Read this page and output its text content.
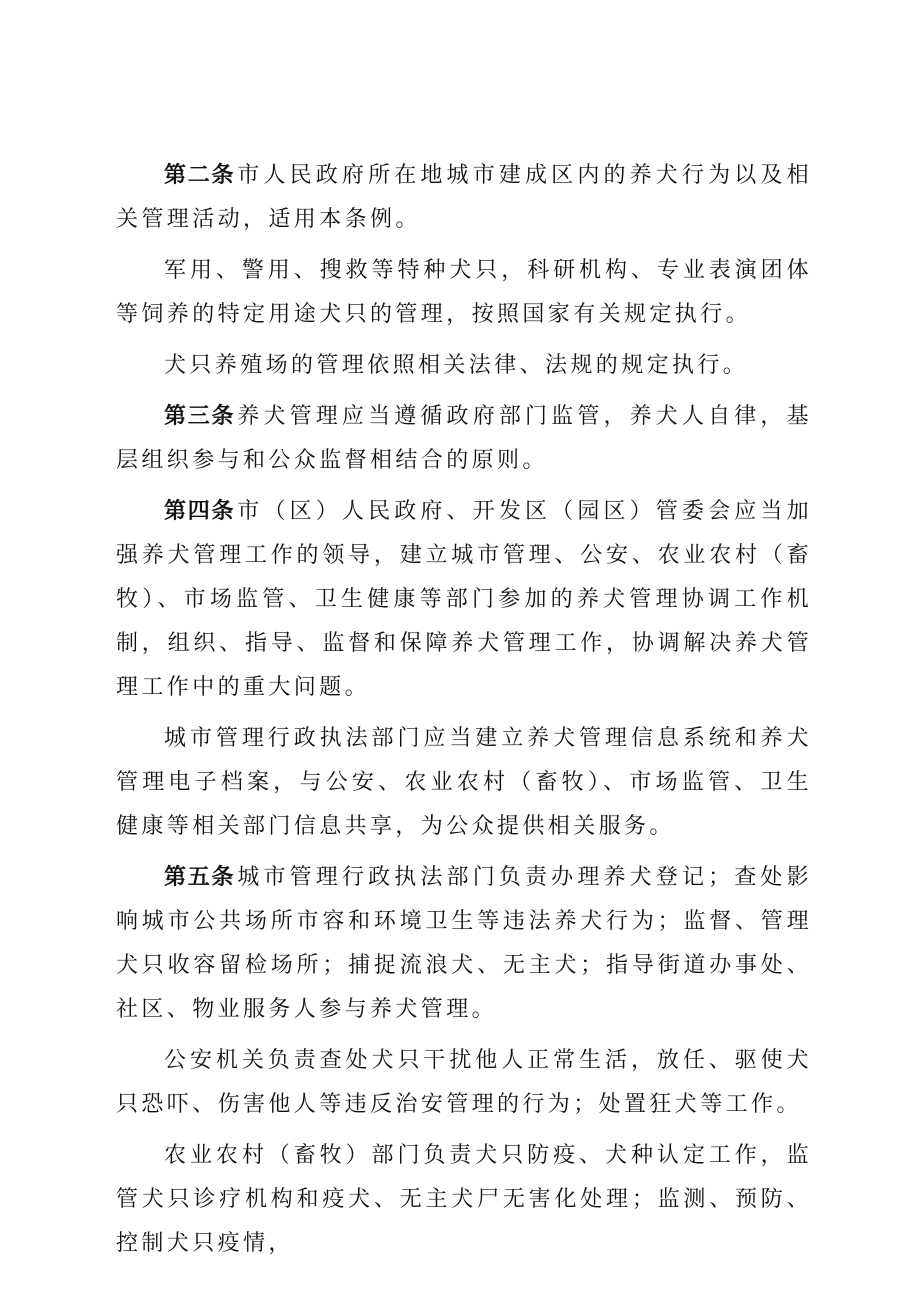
第二条市人民政府所在地城市建成区内的养犬行为以及相关管理活动，适用本条例。

军用、警用、搜救等特种犬只，科研机构、专业表演团体等饲养的特定用途犬只的管理，按照国家有关规定执行。

犬只养殖场的管理依照相关法律、法规的规定执行。

第三条养犬管理应当遵循政府部门监管，养犬人自律，基层组织参与和公众监督相结合的原则。

第四条市（区）人民政府、开发区（园区）管委会应当加强养犬管理工作的领导，建立城市管理、公安、农业农村（畜牧）、市场监管、卫生健康等部门参加的养犬管理协调工作机制，组织、指导、监督和保障养犬管理工作，协调解决养犬管理工作中的重大问题。

城市管理行政执法部门应当建立养犬管理信息系统和养犬管理电子档案，与公安、农业农村（畜牧）、市场监管、卫生健康等相关部门信息共享，为公众提供相关服务。

第五条城市管理行政执法部门负责办理养犬登记；查处影响城市公共场所市容和环境卫生等违法养犬行为；监督、管理犬只收容留检场所；捕捉流浪犬、无主犬；指导街道办事处、社区、物业服务人参与养犬管理。

公安机关负责查处犬只干扰他人正常生活，放任、驱使犬只恐吓、伤害他人等违反治安管理的行为；处置狂犬等工作。

农业农村（畜牧）部门负责犬只防疫、犬种认定工作，监管犬只诊疗机构和疫犬、无主犬尸无害化处理；监测、预防、控制犬只疫情，
